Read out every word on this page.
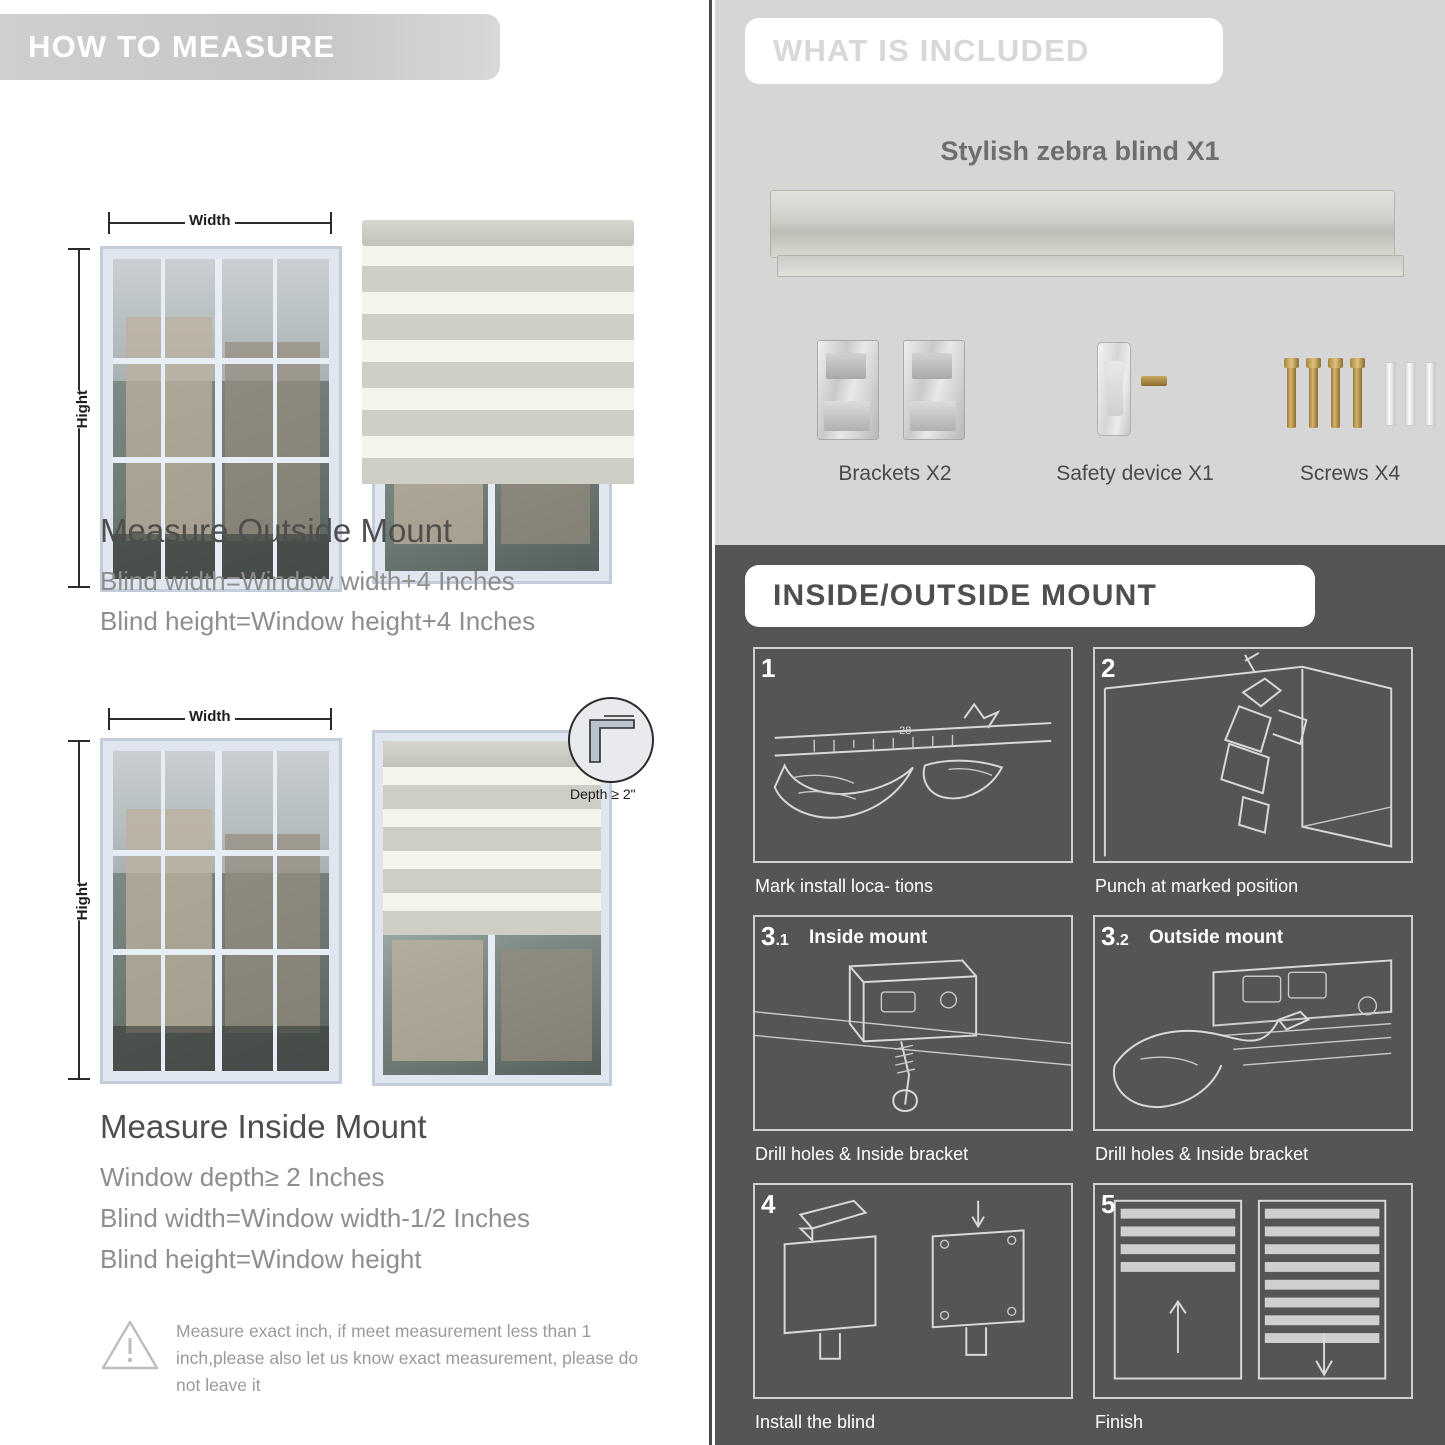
HOW TO MEASURE
Width
Hight
Measure Outside Mount
Blind width=Window width+4 Inches
Blind height=Window height+4 Inches
Width
Hight
Depth ≥ 2"
Measure Inside Mount
Window depth≥ 2 Inches
Blind width=Window width-1/2 Inches
Blind height=Window height
Measure exact inch, if meet measurement less than 1 inch,please also let us know exact measurement, please do not leave it
WHAT IS INCLUDED
Stylish zebra blind X1
Brackets X2	Safety device X1	Screws X4
INSIDE/OUTSIDE MOUNT
28
1
Mark install loca- tions
2
Punch at marked position
3.1 Inside mount
Drill holes & Inside bracket
3.2 Outside mount
Drill holes & Inside bracket
4
Install the blind
5
Finish
